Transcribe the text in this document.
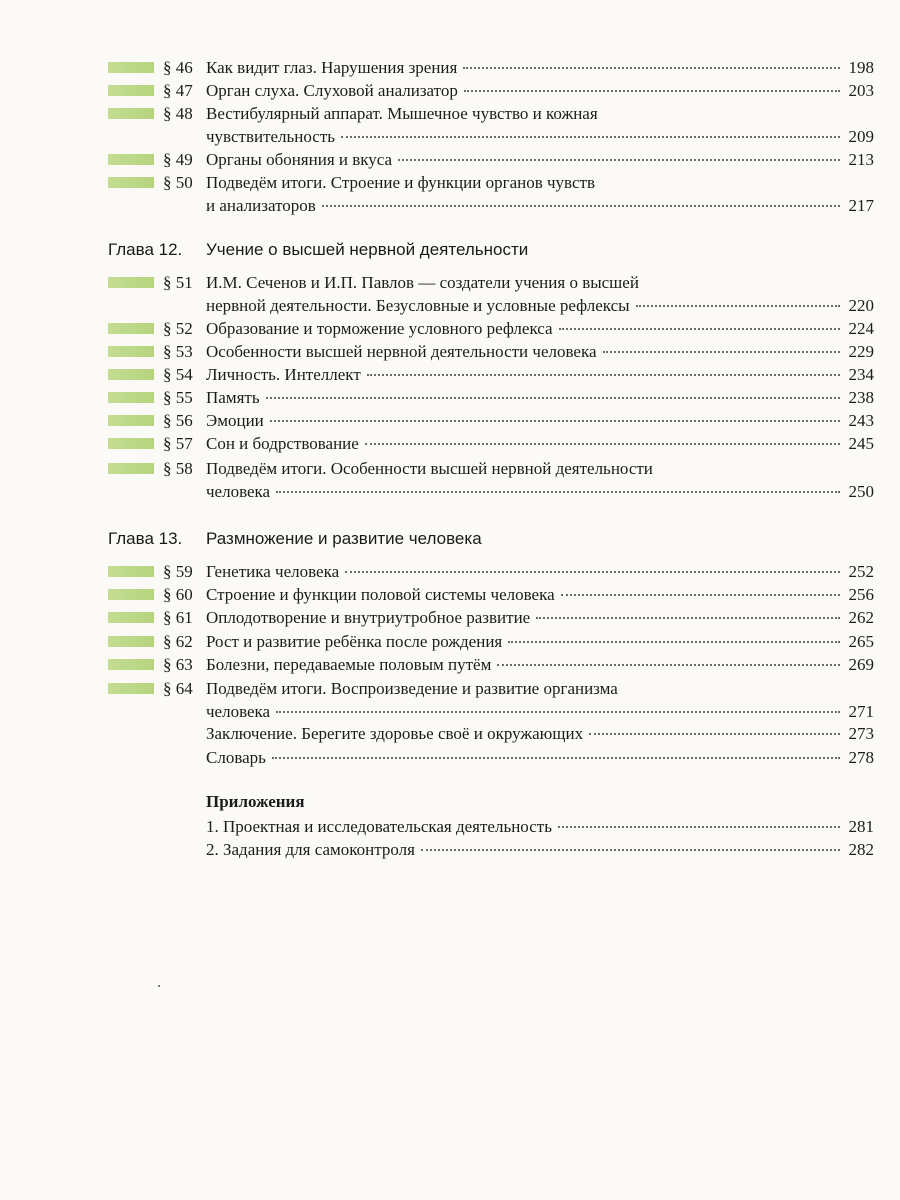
§ 46 Как видит глаз. Нарушения зрения	198
§ 47 Орган слуха. Слуховой анализатор	203
§ 48 Вестибулярный аппарат. Мышечное чувство и кожная
чувствительность	209
§ 49 Органы обоняния и вкуса	213
§ 50 Подведём итоги. Строение и функции органов чувств
и анализаторов	217
Глава 12. Учение о высшей нервной деятельности
§ 51 И.М. Сеченов и И.П. Павлов — создатели учения о высшей
нервной деятельности. Безусловные и условные рефлексы	220
§ 52 Образование и торможение условного рефлекса	224
§ 53 Особенности высшей нервной деятельности человека	229
§ 54 Личность. Интеллект	234
§ 55 Память	238
§ 56 Эмоции	243
§ 57 Сон и бодрствование	245
§ 58 Подведём итоги. Особенности высшей нервной деятельности
человека	250
Глава 13. Размножение и развитие человека
§ 59 Генетика человека	252
§ 60 Строение и функции половой системы человека	256
§ 61 Оплодотворение и внутриутробное развитие	262
§ 62 Рост и развитие ребёнка после рождения	265
§ 63 Болезни, передаваемые половым путём	269
§ 64 Подведём итоги. Воспроизведение и развитие организма
человека	271
Заключение. Берегите здоровье своё и окружающих	273
Словарь	278
Приложения
1. Проектная и исследовательская деятельность	281
2. Задания для самоконтроля	282
